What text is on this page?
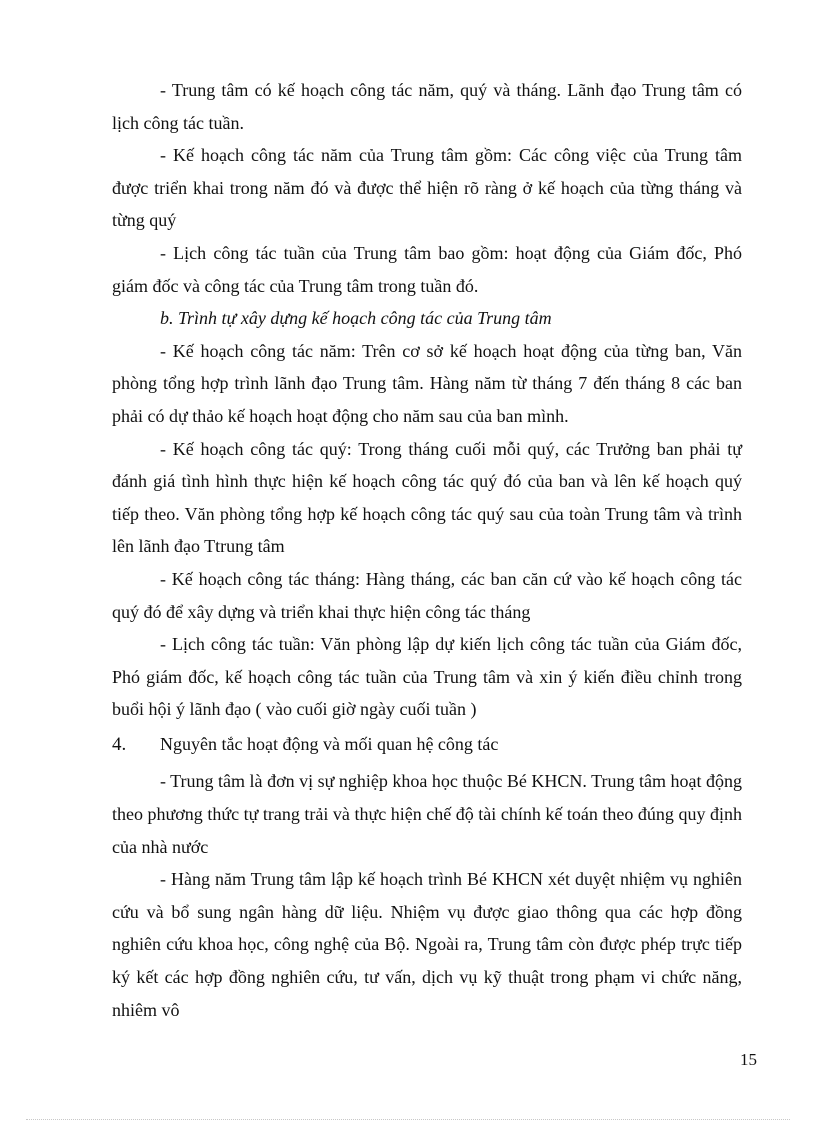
- Trung tâm có kế hoạch công tác năm, quý và tháng. Lãnh đạo Trung tâm có lịch công tác tuần.

- Kế hoạch công tác năm của Trung tâm gồm: Các công việc của Trung tâm được triển khai trong năm đó và được thể hiện rõ ràng ở kế hoạch của từng tháng và từng quý

- Lịch công tác tuần của Trung tâm bao gồm: hoạt động của Giám đốc, Phó giám đốc và công tác của Trung tâm trong tuần đó.

b. Trình tự xây dựng kế hoạch công tác của Trung tâm

- Kế hoạch công tác năm: Trên cơ sở kế hoạch hoạt động của từng ban, Văn phòng tổng hợp trình lãnh đạo Trung tâm. Hàng năm từ tháng 7 đến tháng 8 các ban phải có dự thảo kế hoạch hoạt động cho năm sau của ban mình.

- Kế hoạch công tác quý: Trong tháng cuối mỗi quý, các Trưởng ban phải tự đánh giá tình hình thực hiện kế hoạch công tác quý đó của ban và lên kế hoạch quý tiếp theo. Văn phòng tổng hợp kế hoạch công tác quý sau của toàn Trung tâm và trình lên lãnh đạo Ttrung tâm

- Kế hoạch công tác tháng: Hàng tháng, các ban căn cứ vào kế hoạch công tác quý đó để xây dựng và triển khai thực hiện công tác tháng

- Lịch công tác tuần: Văn phòng lập dự kiến lịch công tác tuần của Giám đốc, Phó giám đốc, kế hoạch công tác tuần của Trung tâm và xin ý kiến điều chỉnh trong buổi hội ý lãnh đạo ( vào cuối giờ ngày cuối tuần )

4.	Nguyên tắc hoạt động và mối quan hệ công tác

- Trung tâm là đơn vị sự nghiệp khoa học thuộc Bé KHCN. Trung tâm hoạt động theo phương thức tự trang trải và thực hiện chế độ tài chính kế toán theo đúng quy định của nhà nước

- Hàng năm Trung tâm lập kế hoạch trình Bé KHCN xét duyệt nhiệm vụ nghiên cứu và bổ sung ngân hàng dữ liệu. Nhiệm vụ được giao thông qua các hợp đồng nghiên cứu khoa học, công nghệ của Bộ. Ngoài ra, Trung tâm còn được phép trực tiếp ký kết các hợp đồng nghiên cứu, tư vấn, dịch vụ kỹ thuật trong phạm vi chức năng, nhiêm vô

15
